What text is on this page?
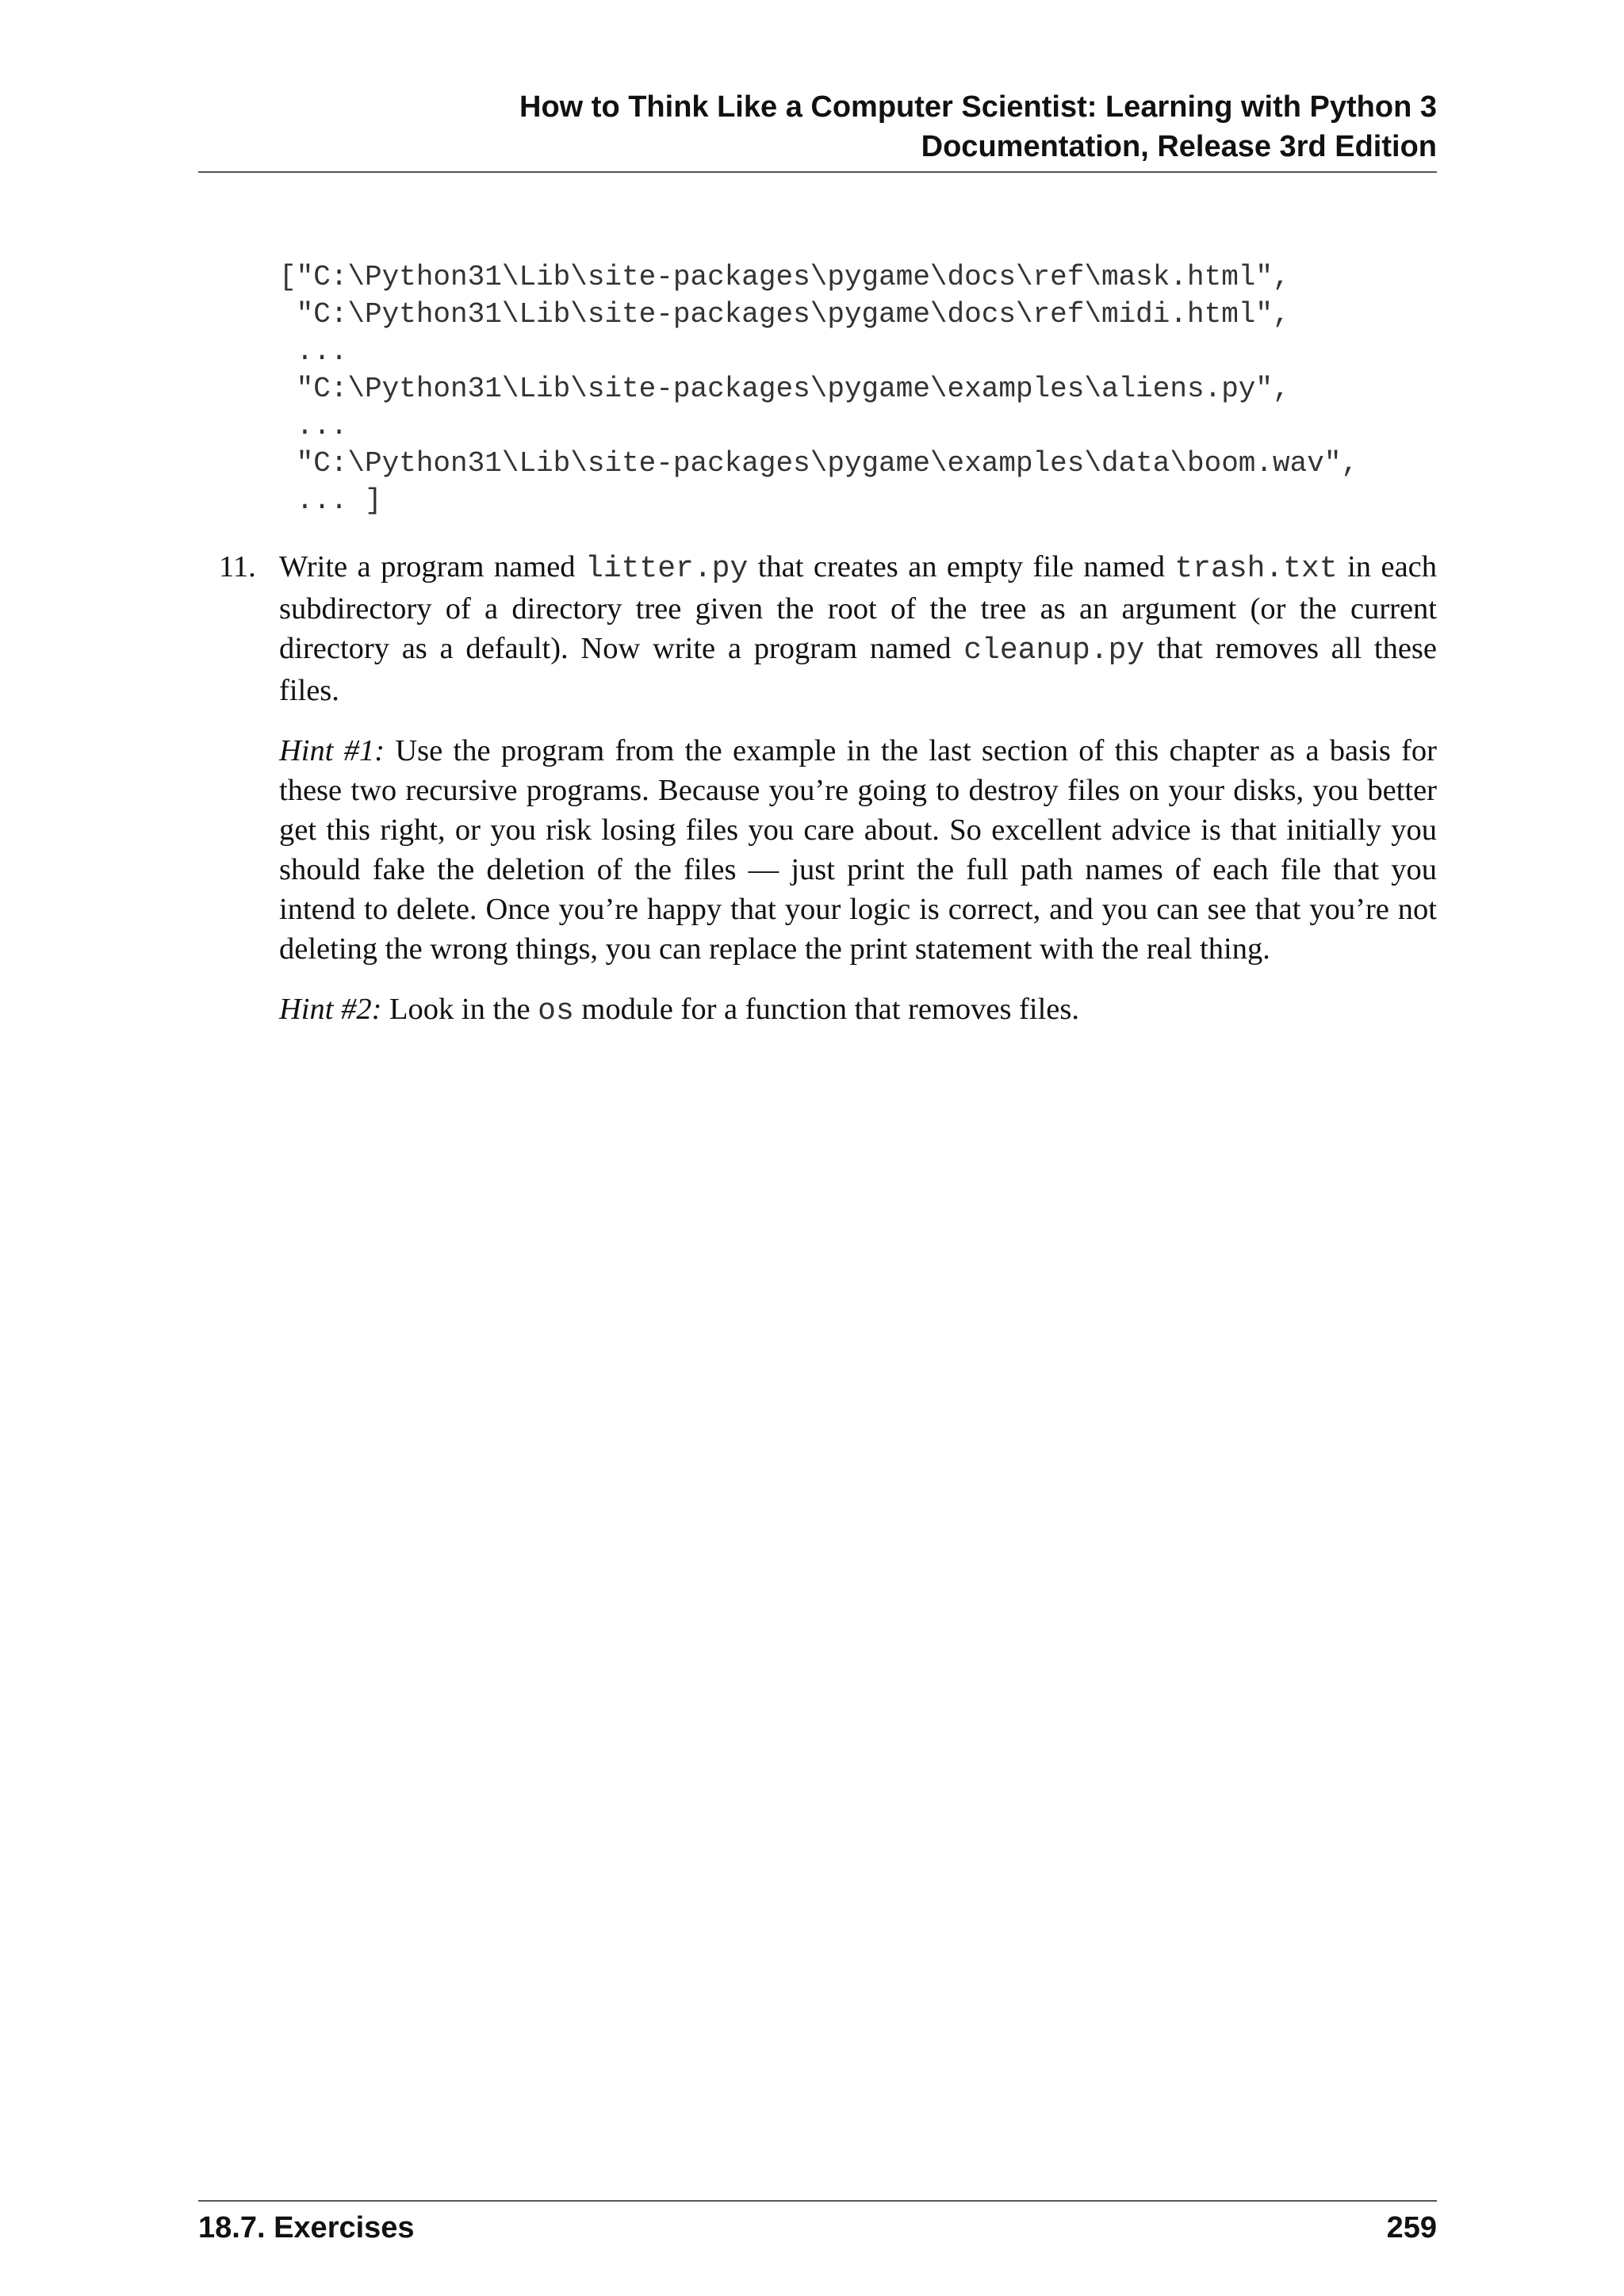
How to Think Like a Computer Scientist: Learning with Python 3
Documentation, Release 3rd Edition
["C:\Python31\Lib\site-packages\pygame\docs\ref\mask.html",
"C:\Python31\Lib\site-packages\pygame\docs\ref\midi.html",
...
"C:\Python31\Lib\site-packages\pygame\examples\aliens.py",
...
"C:\Python31\Lib\site-packages\pygame\examples\data\boom.wav",
... ]
11. Write a program named litter.py that creates an empty file named trash.txt in each subdirectory of a directory tree given the root of the tree as an argument (or the current directory as a default). Now write a program named cleanup.py that removes all these files.

Hint #1: Use the program from the example in the last section of this chapter as a basis for these two recursive programs. Because you’re going to destroy files on your disks, you better get this right, or you risk losing files you care about. So excellent advice is that initially you should fake the deletion of the files — just print the full path names of each file that you intend to delete. Once you’re happy that your logic is correct, and you can see that you’re not deleting the wrong things, you can replace the print statement with the real thing.

Hint #2: Look in the os module for a function that removes files.

18.7. Exercises	259
